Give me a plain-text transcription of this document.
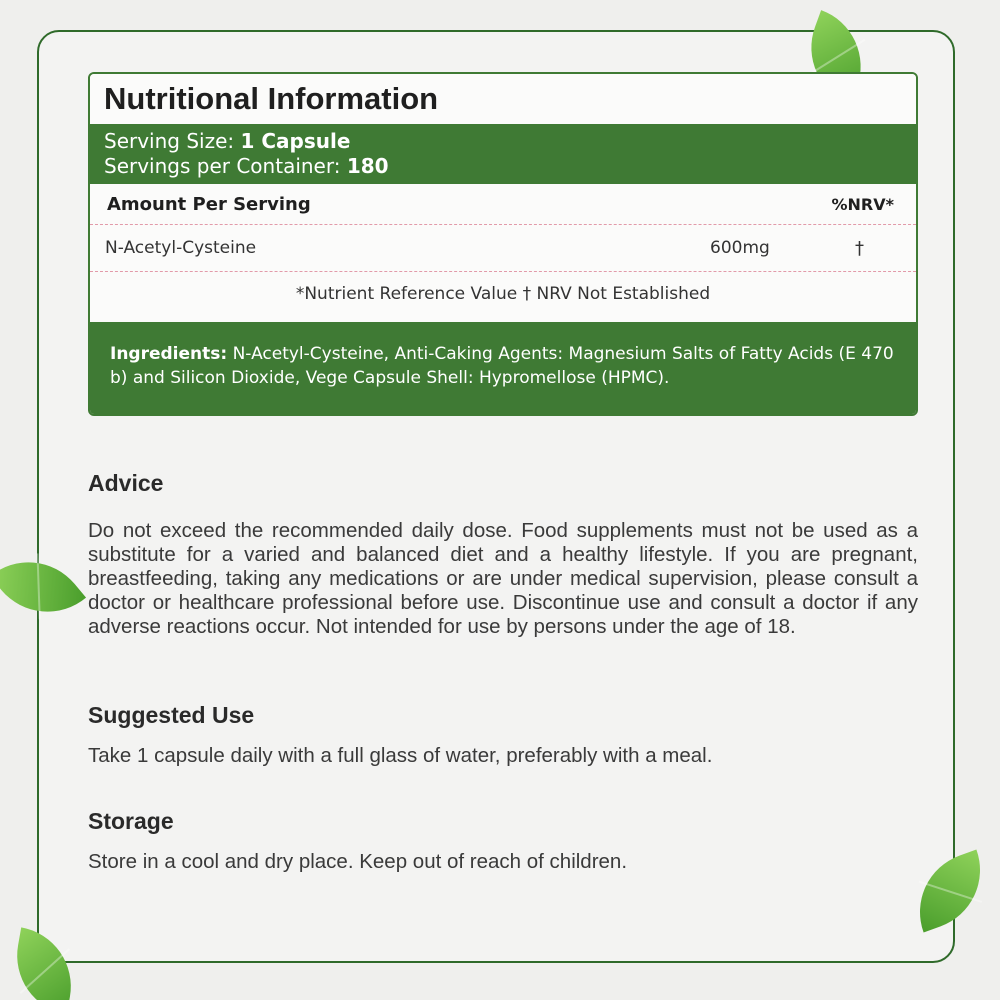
Nutritional Information
Serving Size: 1 Capsule
Servings per Container: 180
Amount Per Serving	%NRV*
N-Acetyl-Cysteine	600mg	†
*Nutrient Reference Value † NRV Not Established
Ingredients: N-Acetyl-Cysteine, Anti-Caking Agents: Magnesium Salts of Fatty Acids (E 470 b) and Silicon Dioxide, Vege Capsule Shell: Hypromellose (HPMC).
Advice
Do not exceed the recommended daily dose. Food supplements must not be used as a substitute for a varied and balanced diet and a healthy lifestyle. If you are pregnant, breastfeeding, taking any medications or are under medical supervision, please consult a doctor or healthcare professional before use. Discontinue use and consult a doctor if any adverse reactions occur. Not intended for use by persons under the age of 18.
Suggested Use
Take 1 capsule daily with a full glass of water, preferably with a meal.
Storage
Store in a cool and dry place. Keep out of reach of children.
